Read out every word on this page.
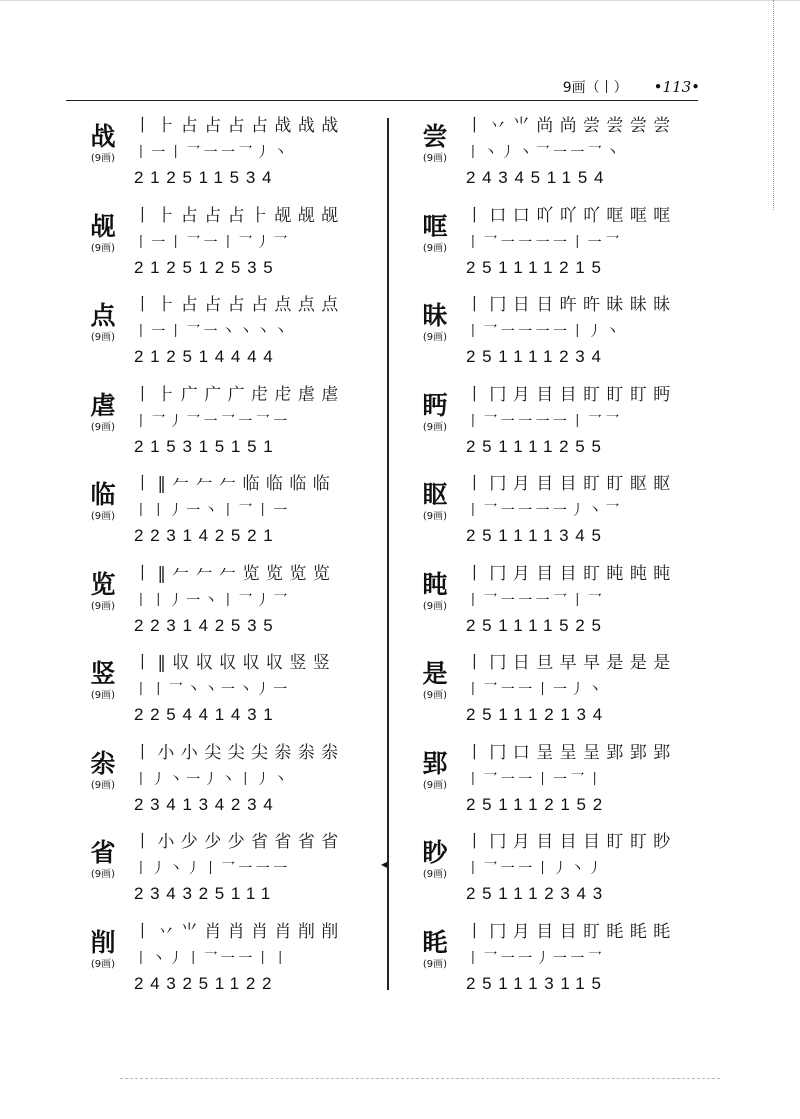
9画（丨） •113•
◂
战
(9画)
丨 ⺊ 占 占 占 占 战 战 战
丨一丨乛一一乛丿丶
212511534
觇
(9画)
丨 ⺊ 占 占 占 ⺊ 觇 觇 觇
丨一丨乛一丨乛丿乛
212512535
点
(9画)
丨 ⺊ 占 占 占 占 点 点 点
丨一丨乛一丶丶丶丶
212514444
虐
(9画)
丨 ⺊ 广 广 广 虍 虍 虐 虐
丨乛丿乛一乛一乛一
215315151
临
(9画)
丨 ‖ 𠂉 𠂉 𠂉 临 临 临 临
丨丨丿一丶丨乛丨一
223142521
览
(9画)
丨 ‖ 𠂉 𠂉 𠂉 览 览 览 览
丨丨丿一丶丨乛丿乛
223142535
竖
(9画)
丨 ‖ 収 収 収 収 収 竖 竖
丨丨乛丶丶一丶丿一
225441431
尜
(9画)
丨 小 小 尖 尖 尖 尜 尜 尜
丨丿丶一丿丶丨丿丶
234134234
省
(9画)
丨 小 少 少 少 省 省 省 省
丨丿丶丿丨乛一一一
234325111
削
(9画)
丨 丷 ⺌ 肖 肖 肖 肖 削 削
丨丶丿丨乛一一丨丨
243251122
尝
(9画)
丨 丷 ⺌ 尚 尚 尝 尝 尝 尝
丨丶丿丶乛一一乛丶
243451154
哐
(9画)
丨 口 口 吖 吖 吖 哐 哐 哐
丨乛一一一一丨一乛
251111215
昧
(9画)
丨 冂 日 日 旿 旿 昧 昧 昧
丨乛一一一一丨丿丶
251111234
眄
(9画)
丨 冂 月 目 目 盯 盯 盯 眄
丨乛一一一一丨乛乛
251111255
眍
(9画)
丨 冂 月 目 目 盯 盯 眍 眍
丨乛一一一一丿丶乛
251111345
盹
(9画)
丨 冂 月 目 目 盯 盹 盹 盹
丨乛一一一乛丨乛
251111525
是
(9画)
丨 冂 日 旦 早 早 是 是 是
丨乛一一丨一丿丶
251112134
郢
(9画)
丨 冂 口 呈 呈 呈 郢 郢 郢
丨乛一一丨一乛丨
251112152
眇
(9画)
丨 冂 月 目 目 目 盯 盯 眇
丨乛一一丨丿丶丿
251112343
眊
(9画)
丨 冂 月 目 目 盯 眊 眊 眊
丨乛一一丿一一乛
251113115
